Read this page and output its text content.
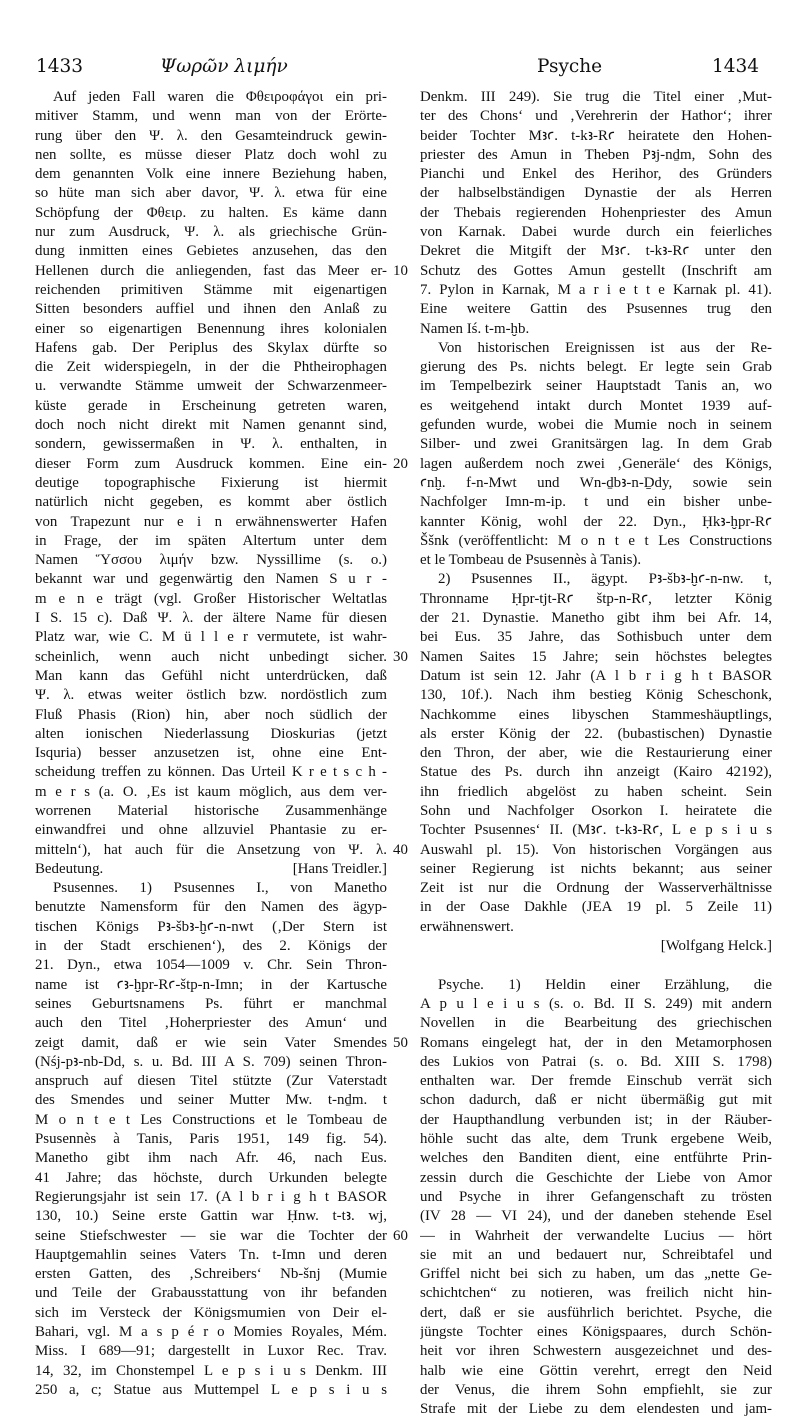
1433	Ψωρῶν λιμήν	Psyche	1434
Auf jeden Fall waren die Φθειροφάγοι ein pri-
mitiver Stamm, und wenn man von der Erörte-
rung über den Ψ. λ. den Gesamteindruck gewin-
nen sollte, es müsse dieser Platz doch wohl zu
dem genannten Volk eine innere Beziehung haben,
so hüte man sich aber davor, Ψ. λ. etwa für eine
Schöpfung der Φθειρ. zu halten. Es käme dann
nur zum Ausdruck, Ψ. λ. als griechische Grün-
dung inmitten eines Gebietes anzusehen, das den
Hellenen durch die anliegenden, fast das Meer er-
reichenden primitiven Stämme mit eigenartigen
Sitten besonders auffiel und ihnen den Anlaß zu
einer so eigenartigen Benennung ihres kolonialen
Hafens gab. Der Periplus des Skylax dürfte so
die Zeit widerspiegeln, in der die Phtheirophagen
u. verwandte Stämme umweit der Schwarzenmeer-
küste gerade in Erscheinung getreten waren,
doch noch nicht direkt mit Namen genannt sind,
sondern, gewissermaßen in Ψ. λ. enthalten, in
dieser Form zum Ausdruck kommen. Eine ein-
deutige topographische Fixierung ist hiermit
natürlich nicht gegeben, es kommt aber östlich
von Trapezunt nur e i n erwähnenswerter Hafen
in Frage, der im späten Altertum unter dem
Namen Ὕσσου λιμήν bzw. Nyssillime (s. o.)
bekannt war und gegenwärtig den Namen S u r -
m e n e trägt (vgl. Großer Historischer Weltatlas
I S. 15 c). Daß Ψ. λ. der ältere Name für diesen
Platz war, wie C. M ü l l e r vermutete, ist wahr-
scheinlich, wenn auch nicht unbedingt sicher.
Man kann das Gefühl nicht unterdrücken, daß
Ψ. λ. etwas weiter östlich bzw. nordöstlich zum
Fluß Phasis (Rion) hin, aber noch südlich der
alten ionischen Niederlassung Dioskurias (jetzt
Isquria) besser anzusetzen ist, ohne eine Ent-
scheidung treffen zu können. Das Urteil K r e t s c h -
m e r s (a. O. ‚Es ist kaum möglich, aus dem ver-
worrenen Material historische Zusammenhänge
einwandfrei und ohne allzuviel Phantasie zu er-
mitteln‘), hat auch für die Ansetzung von Ψ. λ.
Bedeutung.	[Hans Treidler.]
Psusennes. 1) Psusennes I., von Manetho
benutzte Namensform für den Namen des ägyp-
tischen Königs Pꜣ-šbꜣ-ḫꜥ-n-nwt (‚Der Stern ist
in der Stadt erschienen‘), des 2. Königs der
21. Dyn., etwa 1054—1009 v. Chr. Sein Thron-
name ist ꜥꜣ-ḫpr-Rꜥ-štp-n-Imn; in der Kartusche
seines Geburtsnamens Ps. führt er manchmal
auch den Titel ‚Hoherpriester des Amun‘ und
zeigt damit, daß er wie sein Vater Smendes
(Nśj-pꜣ-nb-Dd, s. u. Bd. III A S. 709) seinen Thron-
anspruch auf diesen Titel stützte (Zur Vaterstadt
des Smendes und seiner Mutter Mw. t-nḏm. t
M o n t e t Les Constructions et le Tombeau de
Psusennès à Tanis, Paris 1951, 149 fig. 54).
Manetho gibt ihm nach Afr. 46, nach Eus.
41 Jahre; das höchste, durch Urkunden belegte
Regierungsjahr ist sein 17. (A l b r i g h t BASOR
130, 10.) Seine erste Gattin war Ḥnw. t-tꜣ. wj,
seine Stiefschwester — sie war die Tochter der
Hauptgemahlin seines Vaters Tn. t-Imn und deren
ersten Gatten, des ‚Schreibers‘ Nb-šnj (Mumie
und Teile der Grabausstattung von ihr befanden
sich im Versteck der Königsmumien von Deir el-
Bahari, vgl. M a s p é r o Momies Royales, Mém.
Miss. I 689—91; dargestellt in Luxor Rec. Trav.
14, 32, im Chonstempel L e p s i u s Denkm. III
250 a, c; Statue aus Muttempel L e p s i u s
Denkm. III 249). Sie trug die Titel einer ‚Mut-
ter des Chons‘ und ‚Verehrerin der Hathor‘; ihrer
beider Tochter Mꜣꜥ. t-kꜣ-Rꜥ heiratete den Hohen-
priester des Amun in Theben Pꜣj-nḏm, Sohn des
Pianchi und Enkel des Herihor, des Gründers
der halbselbständigen Dynastie der als Herren
der Thebais regierenden Hohenpriester des Amun
von Karnak. Dabei wurde durch ein feierliches
Dekret die Mitgift der Mꜣꜥ. t-kꜣ-Rꜥ unter den
Schutz des Gottes Amun gestellt (Inschrift am
7. Pylon in Karnak, M a r i e t t e Karnak pl. 41).
Eine weitere Gattin des Psusennes trug den
Namen Iś. t-m-ḫb.
Von historischen Ereignissen ist aus der Re-
gierung des Ps. nichts belegt. Er legte sein Grab
im Tempelbezirk seiner Hauptstadt Tanis an, wo
es weitgehend intakt durch Montet 1939 auf-
gefunden wurde, wobei die Mumie noch in seinem
Silber- und zwei Granitsärgen lag. In dem Grab
lagen außerdem noch zwei ‚Generäle‘ des Königs,
ꜥnḫ. f-n-Mwt und Wn-ḏbꜣ-n-Ḏdy, sowie sein
Nachfolger Imn-m-ip. t und ein bisher unbe-
kannter König, wohl der 22. Dyn., Ḥkꜣ-ḫpr-Rꜥ
Ššnk (veröffentlicht: M o n t e t Les Constructions
et le Tombeau de Psusennès à Tanis).
2) Psusennes II., ägypt. Pꜣ-šbꜣ-ḫꜥ-n-nw. t,
Thronname Ḥpr-tjt-Rꜥ štp-n-Rꜥ, letzter König
der 21. Dynastie. Manetho gibt ihm bei Afr. 14,
bei Eus. 35 Jahre, das Sothisbuch unter dem
Namen Saites 15 Jahre; sein höchstes belegtes
Datum ist sein 12. Jahr (A l b r i g h t BASOR
130, 10f.). Nach ihm bestieg König Scheschonk,
Nachkomme eines libyschen Stammeshäuptlings,
als erster König der 22. (bubastischen) Dynastie
den Thron, der aber, wie die Restaurierung einer
Statue des Ps. durch ihn anzeigt (Kairo 42192),
ihn friedlich abgelöst zu haben scheint. Sein
Sohn und Nachfolger Osorkon I. heiratete die
Tochter Psusennes‘ II. (Mꜣꜥ. t-kꜣ-Rꜥ, L e p s i u s
Auswahl pl. 15). Von historischen Vorgängen aus
seiner Regierung ist nichts bekannt; aus seiner
Zeit ist nur die Ordnung der Wasserverhältnisse
in der Oase Dakhle (JEA 19 pl. 5 Zeile 11)
erwähnenswert.
[Wolfgang Helck.]
Psyche. 1) Heldin einer Erzählung, die
A p u l e i u s (s. o. Bd. II S. 249) mit andern
Novellen in die Bearbeitung des griechischen
Romans eingelegt hat, der in den Metamorphosen
des Lukios von Patrai (s. o. Bd. XIII S. 1798)
enthalten war. Der fremde Einschub verrät sich
schon dadurch, daß er nicht übermäßig gut mit
der Haupthandlung verbunden ist; in der Räuber-
höhle sucht das alte, dem Trunk ergebene Weib,
welches den Banditen dient, eine entführte Prin-
zessin durch die Geschichte der Liebe von Amor
und Psyche in ihrer Gefangenschaft zu trösten
(IV 28 — VI 24), und der daneben stehende Esel
— in Wahrheit der verwandelte Lucius — hört
sie mit an und bedauert nur, Schreibtafel und
Griffel nicht bei sich zu haben, um das „nette Ge-
schichtchen“ zu notieren, was freilich nicht hin-
dert, daß er sie ausführlich berichtet. Psyche, die
jüngste Tochter eines Königspaares, durch Schön-
heit vor ihren Schwestern ausgezeichnet und des-
halb wie eine Göttin verehrt, erregt den Neid
der Venus, die ihrem Sohn empfiehlt, sie zur
Strafe mit der Liebe zu dem elendesten und jam-
10
20
30
40
50
60
